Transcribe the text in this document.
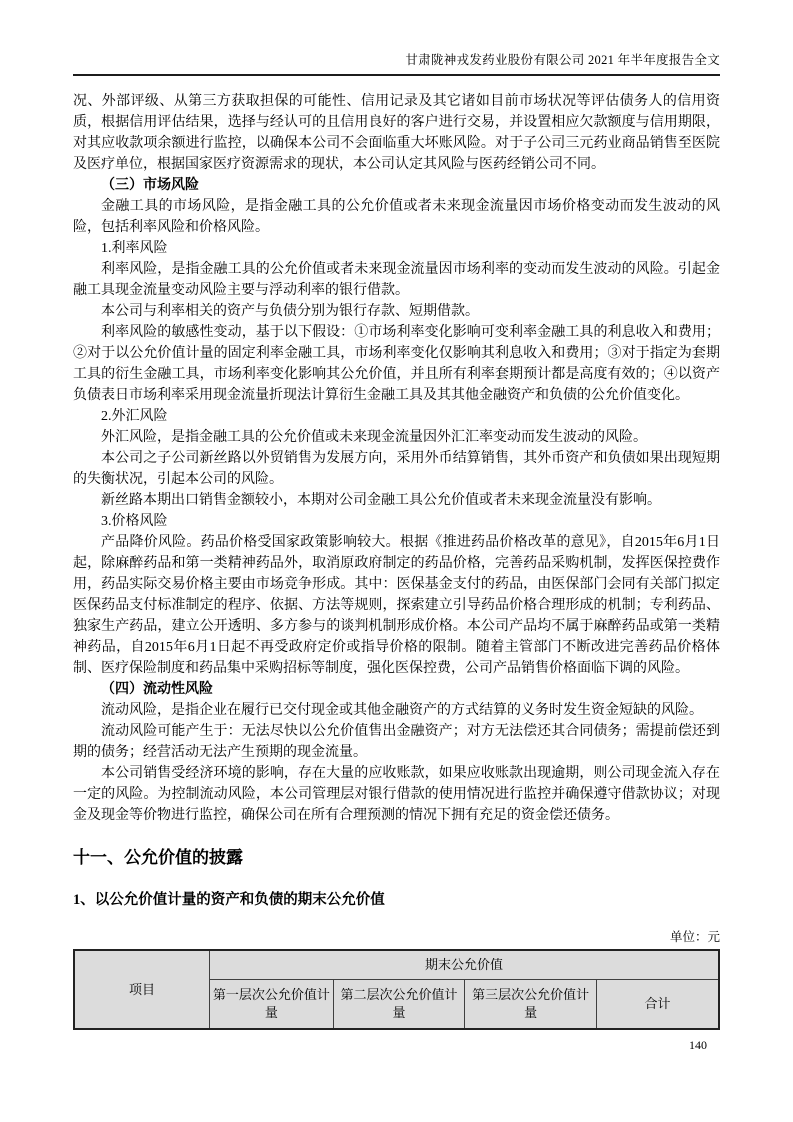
甘肃陇神戎发药业股份有限公司 2021 年半年度报告全文

况、外部评级、从第三方获取担保的可能性、信用记录及其它诸如目前市场状况等评估债务人的信用资质，根据信用评估结果，选择与经认可的且信用良好的客户进行交易，并设置相应欠款额度与信用期限，对其应收款项余额进行监控，以确保本公司不会面临重大坏账风险。对于子公司三元药业商品销售至医院及医疗单位，根据国家医疗资源需求的现状，本公司认定其风险与医药经销公司不同。

（三）市场风险

金融工具的市场风险，是指金融工具的公允价值或者未来现金流量因市场价格变动而发生波动的风险，包括利率风险和价格风险。

1.利率风险

利率风险，是指金融工具的公允价值或者未来现金流量因市场利率的变动而发生波动的风险。引起金融工具现金流量变动风险主要与浮动利率的银行借款。

本公司与利率相关的资产与负债分别为银行存款、短期借款。

利率风险的敏感性变动，基于以下假设：①市场利率变化影响可变利率金融工具的利息收入和费用；②对于以公允价值计量的固定利率金融工具，市场利率变化仅影响其利息收入和费用；③对于指定为套期工具的衍生金融工具，市场利率变化影响其公允价值，并且所有利率套期预计都是高度有效的；④以资产负债表日市场利率采用现金流量折现法计算衍生金融工具及其其他金融资产和负债的公允价值变化。

2.外汇风险

外汇风险，是指金融工具的公允价值或未来现金流量因外汇汇率变动而发生波动的风险。

本公司之子公司新丝路以外贸销售为发展方向，采用外币结算销售，其外币资产和负债如果出现短期的失衡状况，引起本公司的风险。

新丝路本期出口销售金额较小，本期对公司金融工具公允价值或者未来现金流量没有影响。

3.价格风险

产品降价风险。药品价格受国家政策影响较大。根据《推进药品价格改革的意见》，自2015年6月1日起，除麻醉药品和第一类精神药品外，取消原政府制定的药品价格，完善药品采购机制，发挥医保控费作用，药品实际交易价格主要由市场竞争形成。其中：医保基金支付的药品，由医保部门会同有关部门拟定医保药品支付标准制定的程序、依据、方法等规则，探索建立引导药品价格合理形成的机制；专利药品、独家生产药品，建立公开透明、多方参与的谈判机制形成价格。本公司产品均不属于麻醉药品或第一类精神药品，自2015年6月1日起不再受政府定价或指导价格的限制。随着主管部门不断改进完善药品价格体制、医疗保险制度和药品集中采购招标等制度，强化医保控费，公司产品销售价格面临下调的风险。

（四）流动性风险

流动风险，是指企业在履行已交付现金或其他金融资产的方式结算的义务时发生资金短缺的风险。

流动风险可能产生于：无法尽快以公允价值售出金融资产；对方无法偿还其合同债务；需提前偿还到期的债务；经营活动无法产生预期的现金流量。

本公司销售受经济环境的影响，存在大量的应收账款，如果应收账款出现逾期，则公司现金流入存在一定的风险。为控制流动风险，本公司管理层对银行借款的使用情况进行监控并确保遵守借款协议；对现金及现金等价物进行监控，确保公司在所有合理预测的情况下拥有充足的资金偿还债务。

十一、公允价值的披露
1、以公允价值计量的资产和负债的期末公允价值
单位：元
项目	期末公允价值			
	第一层次公允价值计量	第二层次公允价值计量	第三层次公允价值计量	合计
140
